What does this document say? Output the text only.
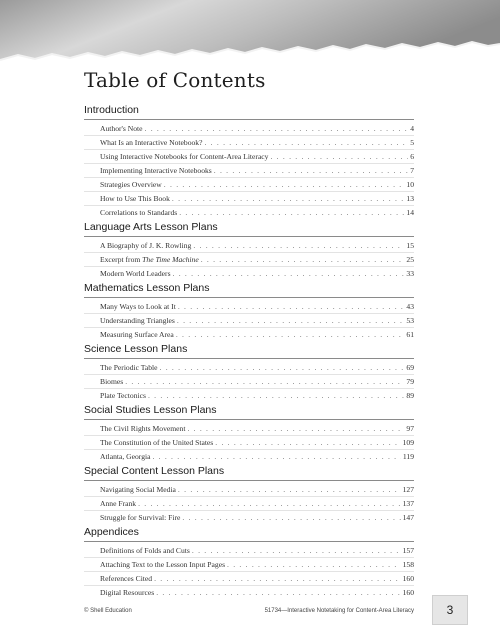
Table of Contents
Introduction
Author's Note . . .	4
What Is an Interactive Notebook? . . .	5
Using Interactive Notebooks for Content-Area Literacy . . .	6
Implementing Interactive Notebooks . . .	7
Strategies Overview . . .	10
How to Use This Book . . .	13
Correlations to Standards . . .	14
Language Arts Lesson Plans
A Biography of J. K. Rowling . . .	15
Excerpt from The Time Machine . . .	25
Modern World Leaders . . .	33
Mathematics Lesson Plans
Many Ways to Look at It . . .	43
Understanding Triangles . . .	53
Measuring Surface Area . . .	61
Science Lesson Plans
The Periodic Table . . .	69
Biomes . . .	79
Plate Tectonics . . .	89
Social Studies Lesson Plans
The Civil Rights Movement . . .	97
The Constitution of the United States . . .	109
Atlanta, Georgia . . .	119
Special Content Lesson Plans
Navigating Social Media . . .	127
Anne Frank . . .	137
Struggle for Survival: Fire . . .	147
Appendices
Definitions of Folds and Cuts . . .	157
Attaching Text to the Lesson Input Pages . . .	158
References Cited . . .	160
Digital Resources . . .	160
© Shell Education	51734—Interactive Notetaking for Content-Area Literacy	3
